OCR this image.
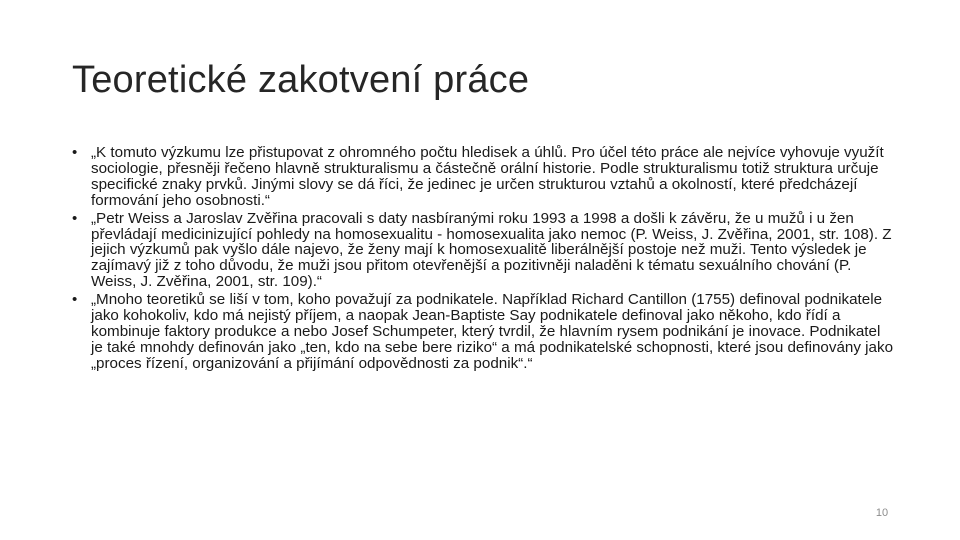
Teoretické zakotvení práce
• „K tomuto výzkumu lze přistupovat z ohromného počtu hledisek a úhlů. Pro účel této práce ale nejvíce vyhovuje využít sociologie, přesněji řečeno hlavně strukturalismu a částečně orální historie. Podle strukturalismu totiž struktura určuje specifické znaky prvků. Jinými slovy se dá říci, že jedinec je určen strukturou vztahů a okolností, které předcházejí formování jeho osobnosti.“
• „Petr Weiss a Jaroslav Zvěřina pracovali s daty nasbíranými roku 1993 a 1998 a došli k závěru, že u mužů i u žen převládají medicinizující pohledy na homosexualitu - homosexualita jako nemoc (P. Weiss, J. Zvěřina, 2001, str. 108). Z jejich výzkumů pak vyšlo dále najevo, že ženy mají k homosexualitě liberálnější postoje než muži. Tento výsledek je zajímavý již z toho důvodu, že muži jsou přitom otevřenější a pozitivněji naladěni k tématu sexuálního chování (P. Weiss, J. Zvěřina, 2001, str. 109).“
• „Mnoho teoretiků se liší v tom, koho považují za podnikatele. Například Richard Cantillon (1755) definoval podnikatele jako kohokoliv, kdo má nejistý příjem, a naopak Jean-Baptiste Say podnikatele definoval jako někoho, kdo řídí a kombinuje faktory produkce a nebo Josef Schumpeter, který tvrdil, že hlavním rysem podnikání je inovace. Podnikatel je také mnohdy definován jako „ten, kdo na sebe bere riziko“ a má podnikatelské schopnosti, které jsou definovány jako „proces řízení, organizování a přijímání odpovědnosti za podnik“.“
10
